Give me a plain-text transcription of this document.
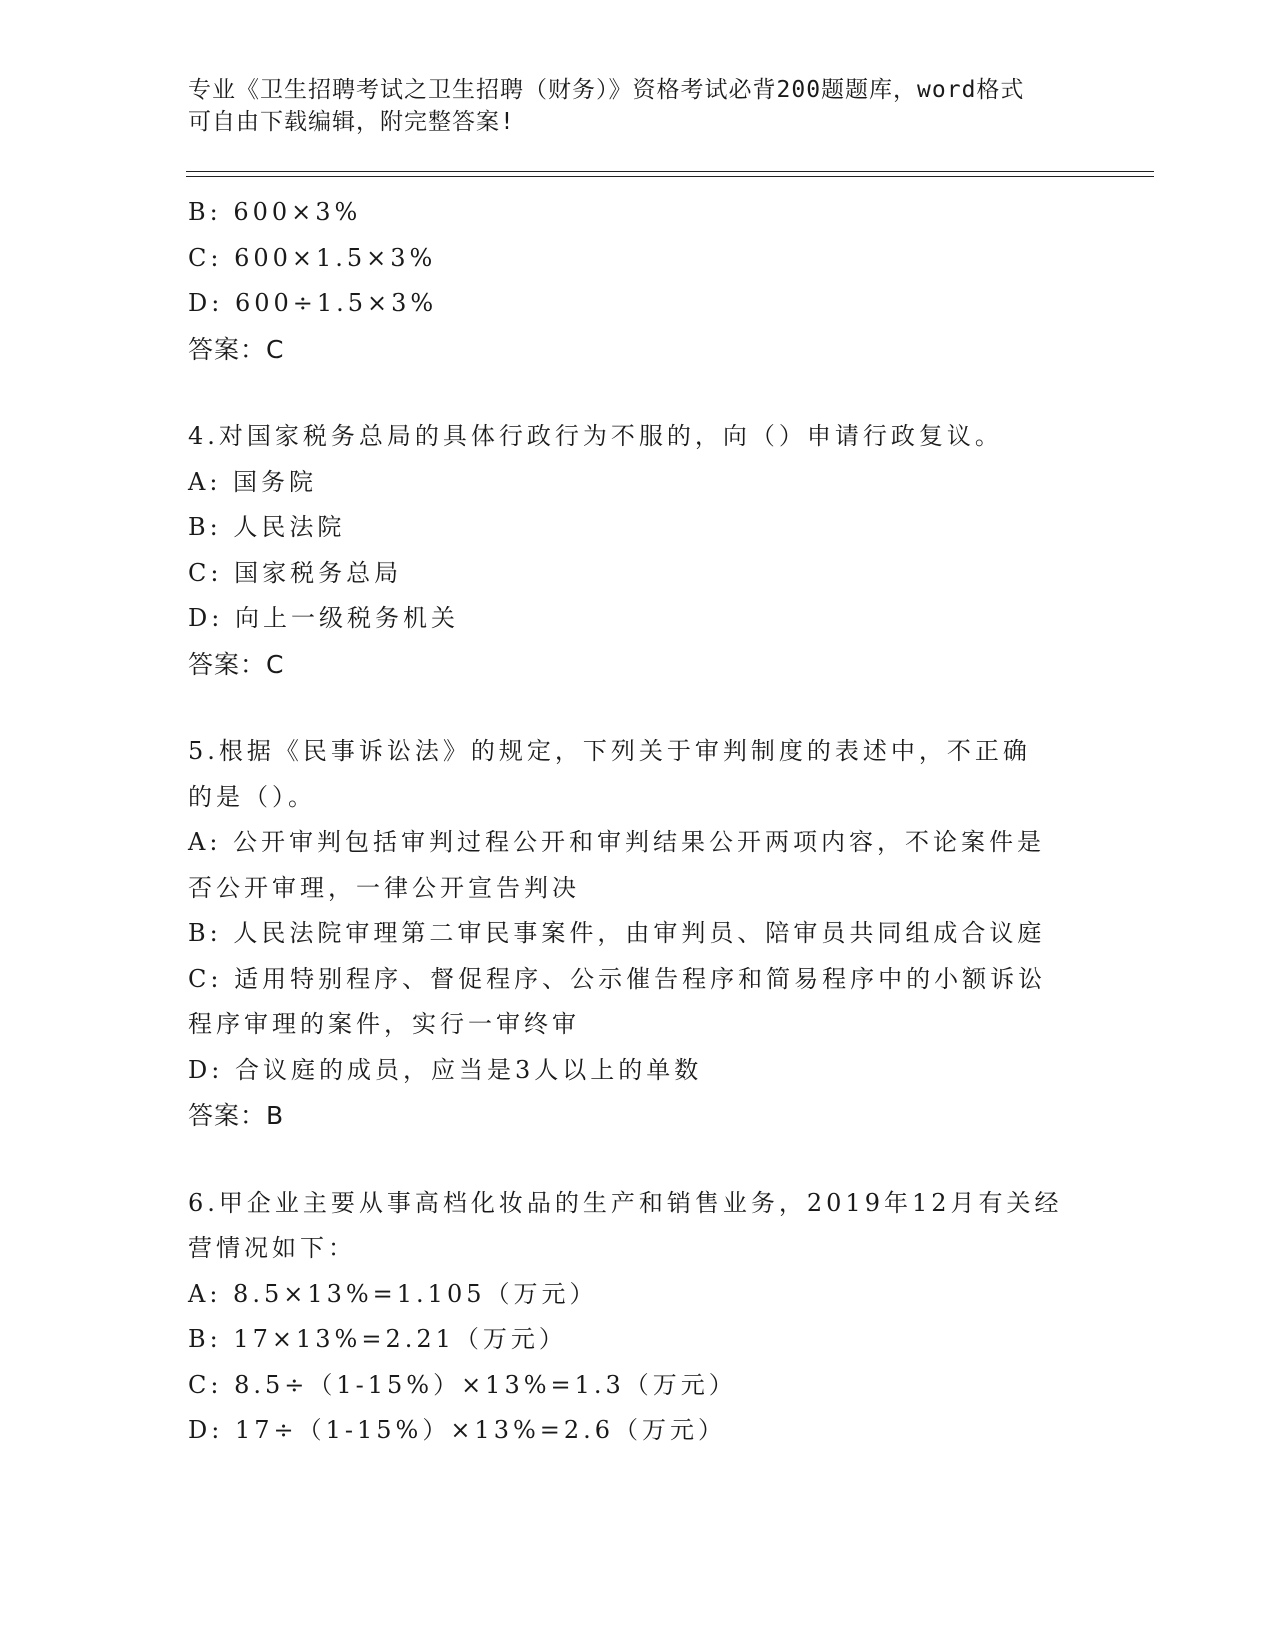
专业《卫生招聘考试之卫生招聘（财务）》资格考试必背200题题库，word格式
可自由下载编辑，附完整答案!
B: 600×3%
C: 600×1.5×3%
D: 600÷1.5×3%
答案：C
4.对国家税务总局的具体行政行为不服的，向（）申请行政复议。
A: 国务院
B: 人民法院
C: 国家税务总局
D: 向上一级税务机关
答案：C
5.根据《民事诉讼法》的规定，下列关于审判制度的表述中，不正确
的是（）。
A: 公开审判包括审判过程公开和审判结果公开两项内容，不论案件是
否公开审理，一律公开宣告判决
B: 人民法院审理第二审民事案件，由审判员、陪审员共同组成合议庭
C: 适用特别程序、督促程序、公示催告程序和简易程序中的小额诉讼
程序审理的案件，实行一审终审
D: 合议庭的成员，应当是3人以上的单数
答案：B
6.甲企业主要从事高档化妆品的生产和销售业务，2019年12月有关经
营情况如下：
A: 8.5×13%=1.105（万元）
B: 17×13%=2.21（万元）
C: 8.5÷（1-15%）×13%=1.3（万元）
D: 17÷（1-15%）×13%=2.6（万元）
